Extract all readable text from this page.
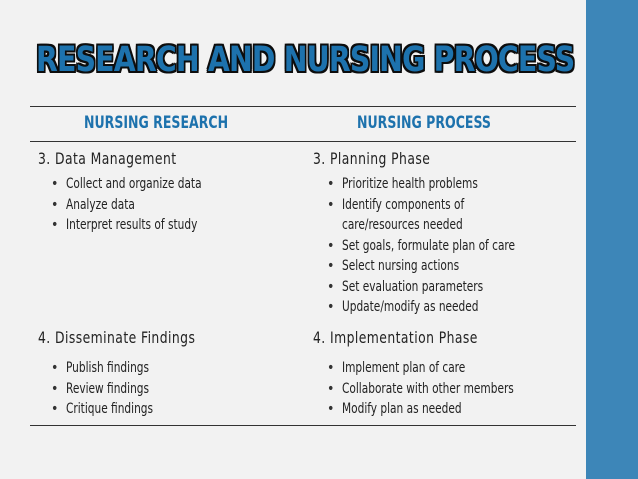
RESEARCH AND NURSING PROCESS
NURSING RESEARCH	NURSING PROCESS
3. Data Management
• Collect and organize data
• Analyze data
• Interpret results of study
3. Planning Phase
• Prioritize health problems
• Identify components of
care/resources needed
• Set goals, formulate plan of care
• Select nursing actions
• Set evaluation parameters
• Update/modify as needed
4. Disseminate Findings
• Publish findings
• Review findings
• Critique findings
4. Implementation Phase
• Implement plan of care
• Collaborate with other members
• Modify plan as needed
